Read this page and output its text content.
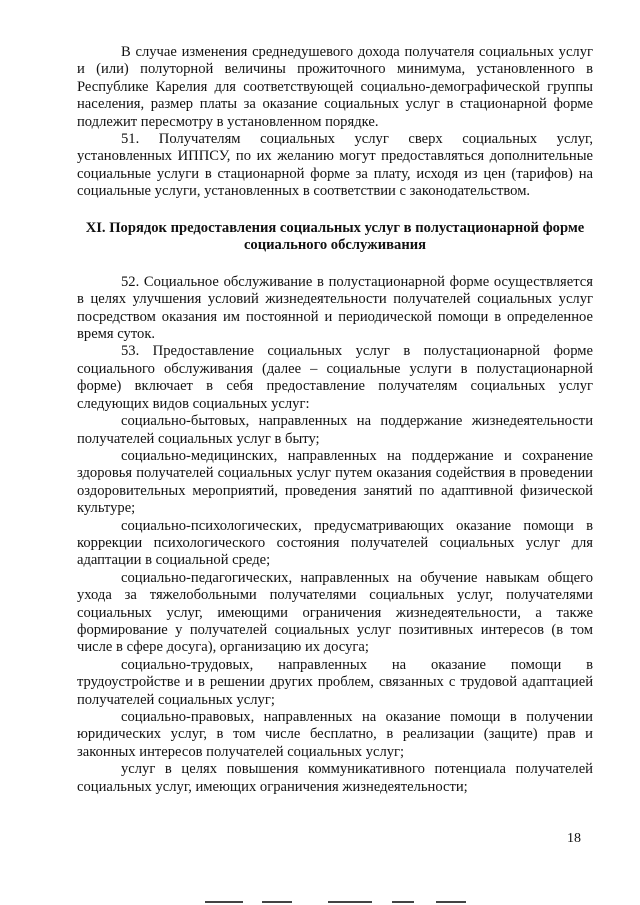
В случае изменения среднедушевого дохода получателя социальных услуг и (или) полуторной величины прожиточного минимума, установленного в Республике Карелия для соответствующей социально-демографической группы населения, размер платы за оказание социальных услуг в стационарной форме подлежит пересмотру в установленном порядке.

51. Получателям социальных услуг сверх социальных услуг, установленных ИППСУ, по их желанию могут предоставляться дополнительные социальные услуги в стационарной форме за плату, исходя из цен (тарифов) на социальные услуги, установленных в соответствии с законодательством.

XI. Порядок предоставления социальных услуг в полустационарной форме

социального обслуживания

52. Социальное обслуживание в полустационарной форме осуществляется в целях улучшения условий жизнедеятельности получателей социальных услуг посредством оказания им постоянной и периодической помощи в определенное время суток.

53. Предоставление социальных услуг в полустационарной форме социального обслуживания (далее – социальные услуги в полустационарной форме) включает в себя предоставление получателям социальных услуг следующих видов социальных услуг:

социально-бытовых, направленных на поддержание жизнедеятельности получателей социальных услуг в быту;

социально-медицинских, направленных на поддержание и сохранение здоровья получателей социальных услуг путем оказания содействия в проведении оздоровительных мероприятий, проведения занятий по адаптивной физической культуре;

социально-психологических, предусматривающих оказание помощи в коррекции психологического состояния получателей социальных услуг для адаптации в социальной среде;

социально-педагогических, направленных на обучение навыкам общего ухода за тяжелобольными получателями социальных услуг, получателями социальных услуг, имеющими ограничения жизнедеятельности, а также формирование у получателей социальных услуг позитивных интересов (в том числе в сфере досуга), организацию их досуга;

социально-трудовых, направленных на оказание помощи в трудоустройстве и в решении других проблем, связанных с трудовой адаптацией получателей социальных услуг;

социально-правовых, направленных на оказание помощи в получении юридических услуг, в том числе бесплатно, в реализации (защите) прав и законных интересов получателей социальных услуг;

услуг в целях повышения коммуникативного потенциала получателей социальных услуг, имеющих ограничения жизнедеятельности;

18
